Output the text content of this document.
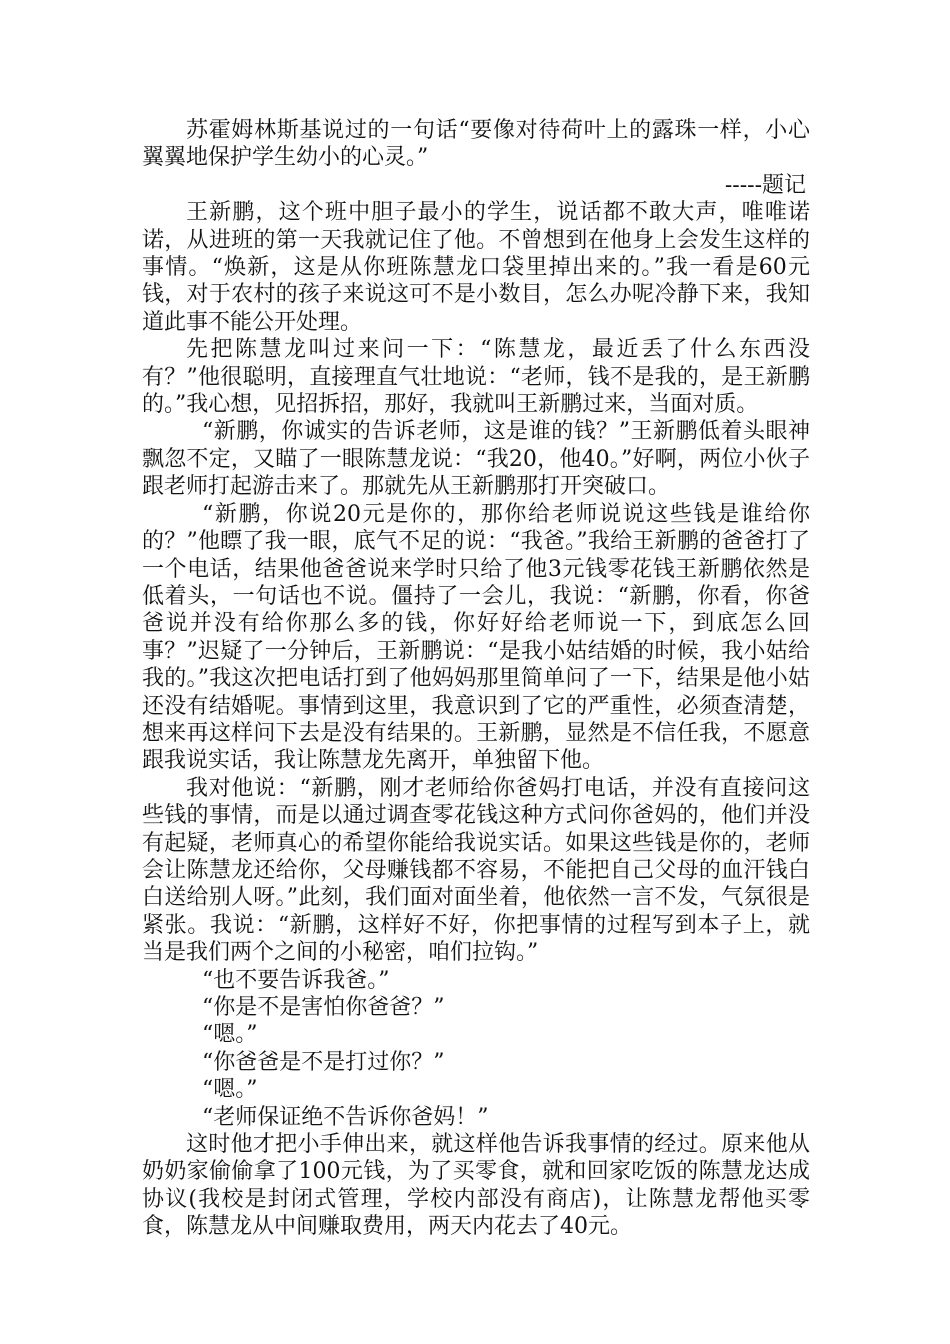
苏霍姆林斯基说过的一句话“要像对待荷叶上的露珠一样，小心翼翼地保护学生幼小的心灵。”

-----题记

王新鹏，这个班中胆子最小的学生，说话都不敢大声，唯唯诺诺，从进班的第一天我就记住了他。不曾想到在他身上会发生这样的事情。“焕新，这是从你班陈慧龙口袋里掉出来的。”我一看是60元钱，对于农村的孩子来说这可不是小数目，怎么办呢冷静下来，我知道此事不能公开处理。

先把陈慧龙叫过来问一下：“陈慧龙，最近丢了什么东西没有？”他很聪明，直接理直气壮地说：“老师，钱不是我的，是王新鹏的。”我心想，见招拆招，那好，我就叫王新鹏过来，当面对质。

“新鹏，你诚实的告诉老师，这是谁的钱？”王新鹏低着头眼神飘忽不定，又瞄了一眼陈慧龙说：“我20，他40。”好啊，两位小伙子跟老师打起游击来了。那就先从王新鹏那打开突破口。

“新鹏，你说20元是你的，那你给老师说说这些钱是谁给你的？”他瞟了我一眼，底气不足的说：“我爸。”我给王新鹏的爸爸打了一个电话，结果他爸爸说来学时只给了他3元钱零花钱王新鹏依然是低着头，一句话也不说。僵持了一会儿，我说：“新鹏，你看，你爸爸说并没有给你那么多的钱，你好好给老师说一下，到底怎么回事？”迟疑了一分钟后，王新鹏说：“是我小姑结婚的时候，我小姑给我的。”我这次把电话打到了他妈妈那里简单问了一下，结果是他小姑还没有结婚呢。事情到这里，我意识到了它的严重性，必须查清楚，想来再这样问下去是没有结果的。王新鹏，显然是不信任我，不愿意跟我说实话，我让陈慧龙先离开，单独留下他。

我对他说：“新鹏，刚才老师给你爸妈打电话，并没有直接问这些钱的事情，而是以通过调查零花钱这种方式问你爸妈的，他们并没有起疑，老师真心的希望你能给我说实话。如果这些钱是你的，老师会让陈慧龙还给你，父母赚钱都不容易，不能把自己父母的血汗钱白白送给别人呀。”此刻，我们面对面坐着，他依然一言不发，气氛很是紧张。我说：“新鹏，这样好不好，你把事情的过程写到本子上，就当是我们两个之间的小秘密，咱们拉钩。”

“也不要告诉我爸。”

“你是不是害怕你爸爸？”

“嗯。”

“你爸爸是不是打过你？”

“嗯。”

“老师保证绝不告诉你爸妈！”

这时他才把小手伸出来，就这样他告诉我事情的经过。原来他从奶奶家偷偷拿了100元钱，为了买零食，就和回家吃饭的陈慧龙达成协议(我校是封闭式管理，学校内部没有商店)，让陈慧龙帮他买零食，陈慧龙从中间赚取费用，两天内花去了40元。
